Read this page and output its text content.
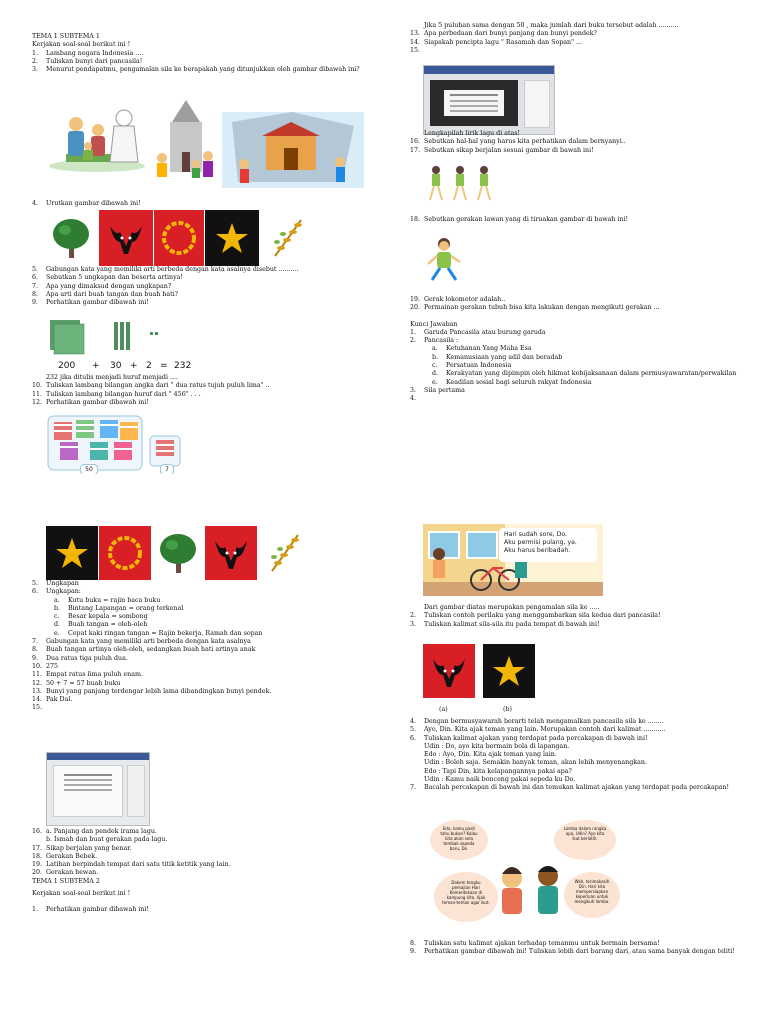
TEMA 1 SUBTEMA 1
Kerjakan soal-soal berikut ini !
1. Lambang negara Indonesia ....
2. Tuliskan bunyi dari pancasila!
3. Menurut pendapatmu, pengamalan sila ke berapakah yang ditunjukkan oleh gambar dibawah ini?
4. Urutkan gambar dibawah ini!
5. Gabungan kata yang memiliki arti berbeda dengan kata asalnya disebut ..........
6. Sebutkan 5 ungkapan dan beserta artinya!
7. Apa yang dimaksud dengan ungkapan?
8. Apa arti dari buah tangan dan buah hati?
9. Perhatikan gambar dibawah ini!
200	+	30 + 2 = 232
232 jika ditulis menjadi huruf menjadi ....
10. Tuliskan lambang bilangan angka dari " dua ratus tujuh puluh lima" ..
11. Tuliskan lambang bilangan huruf dari " 456" . . .
12. Perhatikan gambar dibawah ini!
50	7
Jika 5 puluhan sama dengan 50 , maka jumlah dari buku tersebut adalah ..........
13. Apa perbedaan dari bunyi panjang dan bunyi pendek?
14. Siapakah pencipta lagu " Rasamah dan Sopan" ...
15.
Lengkapilah lirik lagu di atas!
16. Sebutkan hal-hal yang harus kita perhatikan dalam bernyanyi..
17. Sebutkan sikap berjalan sesuai gambar di bawah ini!
18. Sebutkan gerakan lawan yang di tiruakan gambar di bawah ini!
19. Gerak lokomotor adalah..
20. Permainan gerakan tubuh bisa kita lakukan dengan mengikuti gerakan ...
Kunci Jawaban
1. Garuda Pancasila atau burung garuda
2. Pancasila :
a. Ketuhanan Yang Maha Esa
b. Kemanusiaan yang adil dan beradab
c. Persatuan Indonesia
d. Kerakyatan yang dipimpin oleh hikmat kebijaksanaan dalam permusyawaratan/perwakilan
e. Keadilan sosial bagi seluruh rakyat Indonesia
3. Sila pertama
4.
5. Ungkapan
6. Ungkapan:
a. Kutu buku = rajin baca buku
b. Bintang Lapangan = orang terkenal
c. Besar kepala = sombong
d. Buah tangan = oleh-oleh
e. Cepat kaki ringan tangan = Rajin bekerja, Ramah dan sopan
7. Gabungan kata yang memiliki arti berbeda dengan kata asalnya
8. Buah tangan artinya oleh-oleh, sedangkan buah hati artinya anak
9. Dua ratus tiga puluh dua.
10. 275
11. Empat ratus lima puluh enam.
12. 50 + 7 = 57 buah buku
13. Bunyi yang panjang terdengar lebih lama dibandingkan bunyi pendek.
14. Pak Dal.
15.
16. a. Panjang dan pendek irama lagu.
b. Ismah dan buat gerakan pada lagu.
17. Sikap berjalan yang benar.
18. Gerakan Bebek.
19. Latihan berpindah tempat dari satu titik ketitik yang lain.
20. Gerakan hewan.
TEMA 1 SUBTEMA 2
Kerjakan soal-soal berikut ini !
1. Perhatikan gambar dibawah ini!
Hari sudah sore, Do.
Aku permisi pulang, ya.
Aku harus beribadah.
Dari gambar diatas merupakan pengamalan sila ke .....
2. Tuliskan contoh perilaku yang menggambarkan sila kedua dari pancasila!
3. Tuliskan kalimat sila-sila itu pada tempat di bawah ini!
(a)	(b)
4. Dengan bermusyawarah berarti telah mengamalkan pancasila sila ke ........
5. Ayo, Din. Kita ajak teman yang lain. Merupakan contoh dari kalimat ...........
6. Tuliskan kalimat ajakan yang terdapat pada percakapan di bawah ini!
Udin : Do, ayo kita bermain bola di lapangan.
Edo : Ayo, Din. Kita ajak teman yang lain.
Udin : Boleh saja. Semakin banyak teman, akan lebih menyenangkan.
Edo : Tapi Din, kita kelapangannya pakai apa?
Udin : Kamu naik bonceng pakai sepeda ku Do.
7. Bacalah percakapan di bawah ini dan temukan kalimat ajakan yang terdapat pada percakapan!
Edo, kamu pasti tahu bukan? Kalau kita akan sela tembak sepeda baru, Do.
Dokem tengku pemajian Hari Kemerdekaan di kampung kita. Ajak teman-teman agar ikut.
Lomba dalam rangka apa, Udin? Ayo kita ikut berlatih.
Wah, terimakasih Din. Hari kita mempersiapkan keperluan untuk mengikuti lomba.
8. Tuliskan satu kalimat ajakan terhadap temanmu untuk bermain bersama!
9. Perhatikan gambar dibawah ini! Tuliskan lebih dari barang dari, atau sama banyak dengan teliti!
